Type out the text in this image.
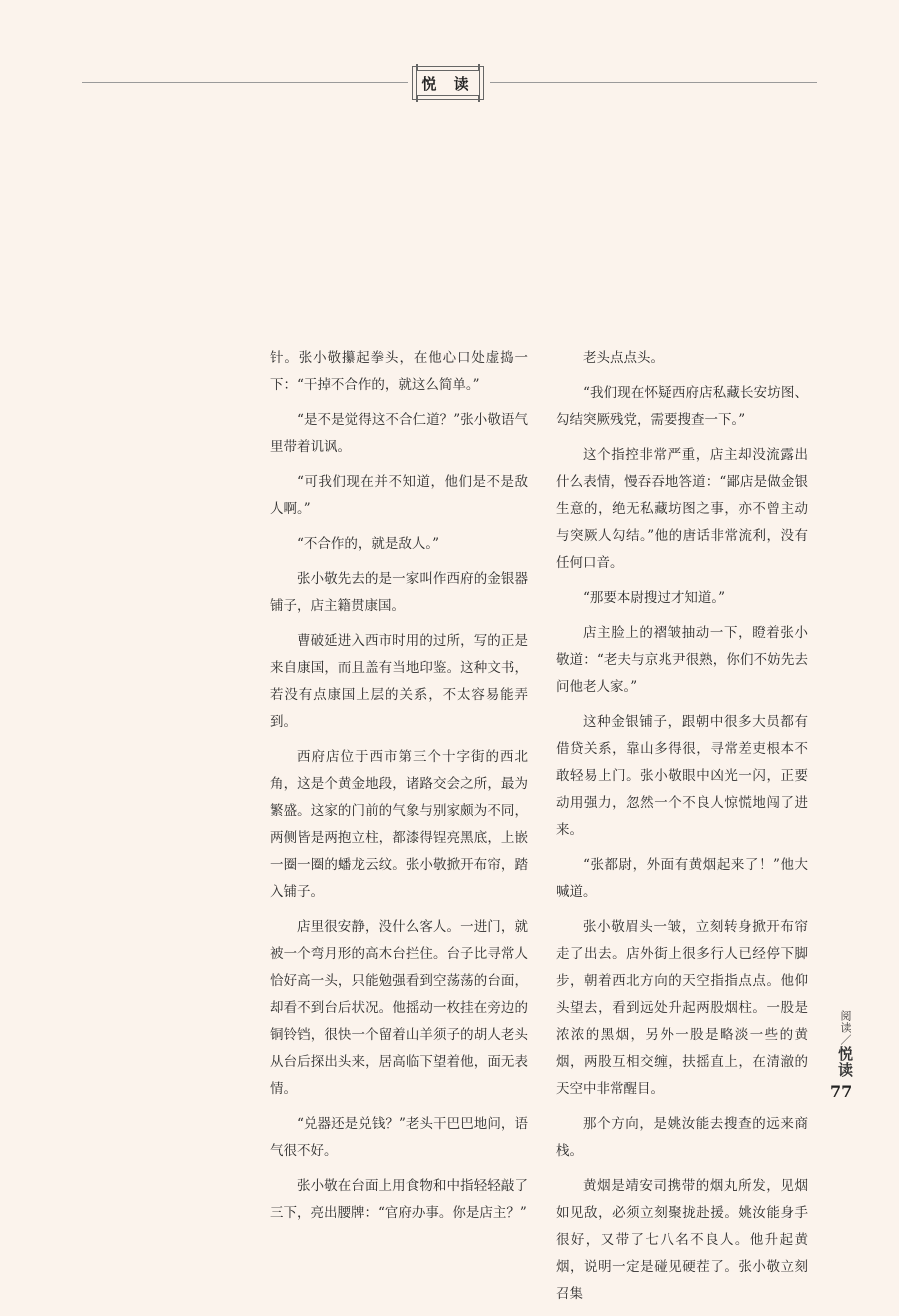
悦 读

针。张小敬攥起拳头，在他心口处虚捣一下：“干掉不合作的，就这么简单。”

“是不是觉得这不合仁道？”张小敬语气里带着讥讽。

“可我们现在并不知道，他们是不是敌人啊。”

“不合作的，就是敌人。”

张小敬先去的是一家叫作西府的金银器铺子，店主籍贯康国。

曹破延进入西市时用的过所，写的正是来自康国，而且盖有当地印鉴。这种文书，若没有点康国上层的关系，不太容易能弄到。

西府店位于西市第三个十字街的西北角，这是个黄金地段，诸路交会之所，最为繁盛。这家的门前的气象与别家颇为不同，两侧皆是两抱立柱，都漆得锃亮黑底，上嵌一圈一圈的蟠龙云纹。张小敬掀开布帘，踏入铺子。

店里很安静，没什么客人。一进门，就被一个弯月形的高木台拦住。台子比寻常人恰好高一头，只能勉强看到空荡荡的台面，却看不到台后状况。他摇动一枚挂在旁边的铜铃铛，很快一个留着山羊须子的胡人老头从台后探出头来，居高临下望着他，面无表情。

“兑器还是兑钱？”老头干巴巴地问，语气很不好。

张小敬在台面上用食物和中指轻轻敲了三下，亮出腰牌：“官府办事。你是店主？”

老头点点头。

“我们现在怀疑西府店私藏长安坊图、勾结突厥残党，需要搜查一下。”

这个指控非常严重，店主却没流露出什么表情，慢吞吞地答道：“鄙店是做金银生意的，绝无私藏坊图之事，亦不曾主动与突厥人勾结。”他的唐话非常流利，没有任何口音。

“那要本尉搜过才知道。”

店主脸上的褶皱抽动一下，瞪着张小敬道：“老夫与京兆尹很熟，你们不妨先去问他老人家。”

这种金银铺子，跟朝中很多大员都有借贷关系，靠山多得很，寻常差吏根本不敢轻易上门。张小敬眼中凶光一闪，正要动用强力，忽然一个不良人惊慌地闯了进来。

“张都尉，外面有黄烟起来了！”他大喊道。

张小敬眉头一皱，立刻转身掀开布帘走了出去。店外街上很多行人已经停下脚步，朝着西北方向的天空指指点点。他仰头望去，看到远处升起两股烟柱。一股是浓浓的黑烟，另外一股是略淡一些的黄烟，两股互相交缠，扶摇直上，在清澈的天空中非常醒目。

那个方向，是姚汝能去搜查的远来商栈。

黄烟是靖安司携带的烟丸所发，见烟如见敌，必须立刻聚拢赴援。姚汝能身手很好，又带了七八名不良人。他升起黄烟，说明一定是碰见硬茬了。张小敬立刻召集

阅读／悦读
77
